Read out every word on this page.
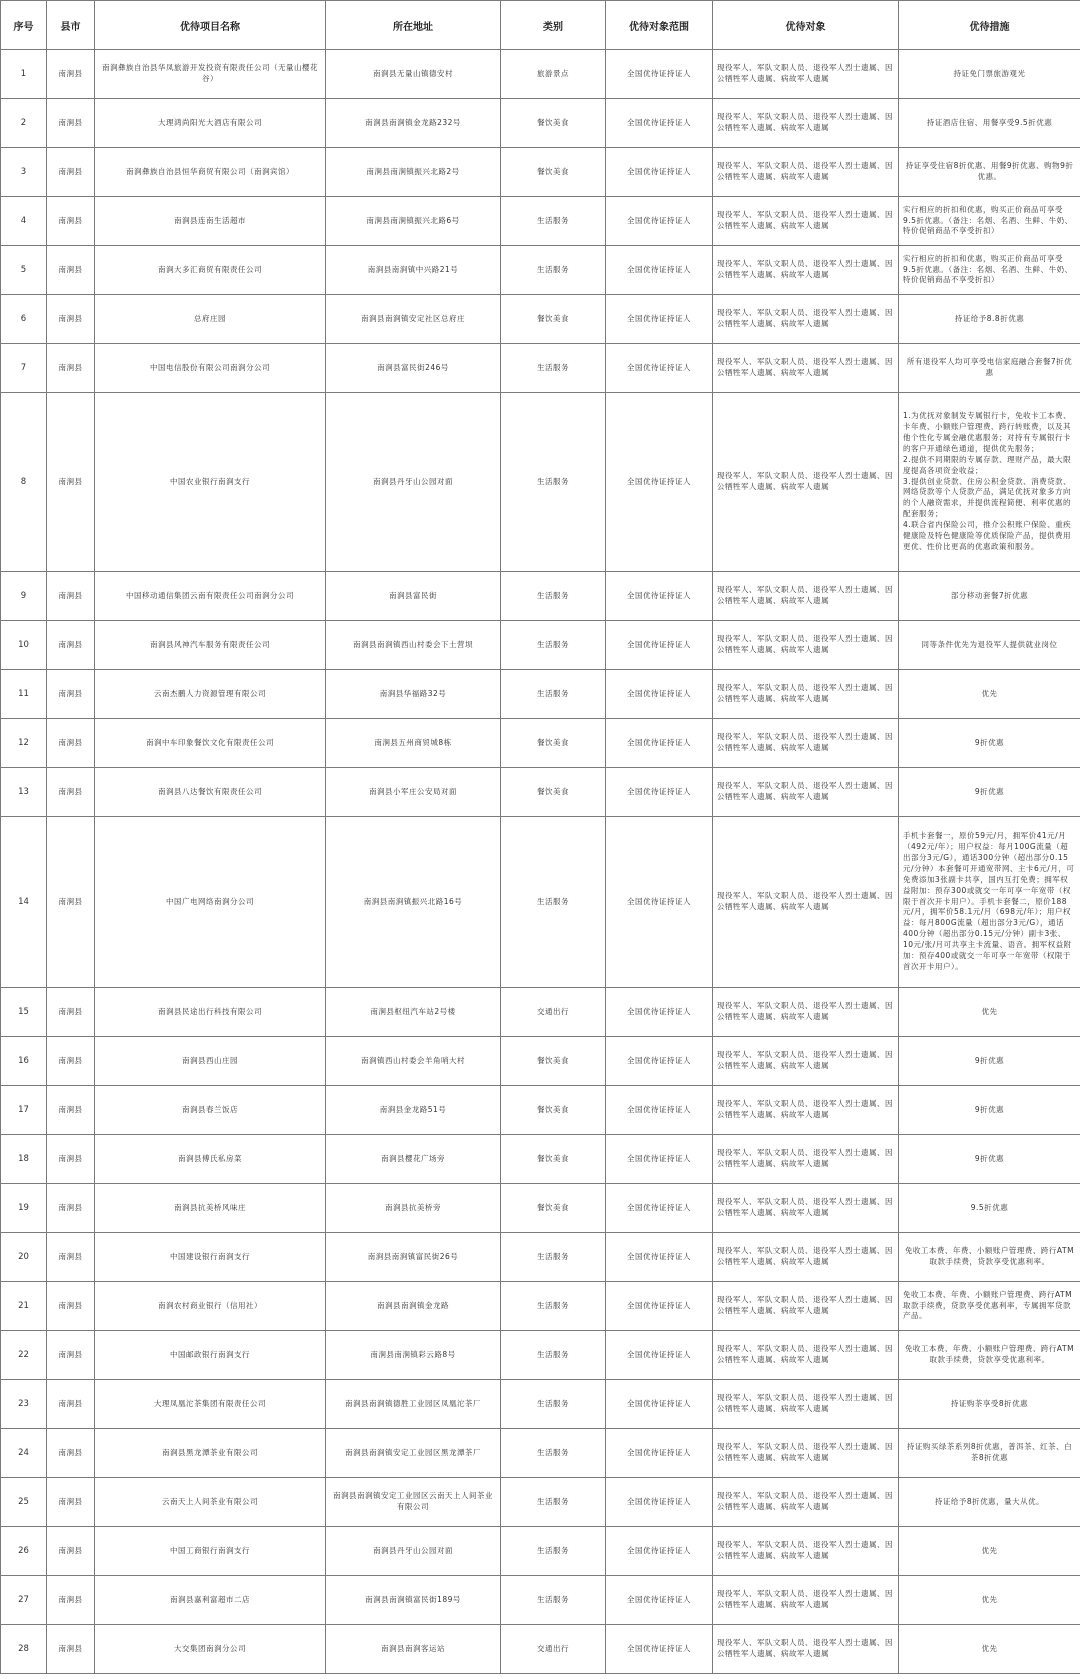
序号	县市	优待项目名称	所在地址	类别	优待对象范围	优待对象	优待措施
1	南涧县	南涧彝族自治县华凤旅游开发投资有限责任公司（无量山樱花谷）	南涧县无量山镇德安村	旅游景点	全国优待证持证人	现役军人、军队文职人员、退役军人烈士遗属、因公牺牲军人遗属、病故军人遗属	持证免门票旅游观光
2	南涧县	大理鸿尚阳光大酒店有限公司	南涧县南涧镇金龙路232号	餐饮美食	全国优待证持证人	现役军人、军队文职人员、退役军人烈士遗属、因公牺牲军人遗属、病故军人遗属	持证酒店住宿、用餐享受9.5折优惠
3	南涧县	南涧彝族自治县恒华商贸有限公司（南涧宾馆）	南涧县南涧镇振兴北路2号	餐饮美食	全国优待证持证人	现役军人、军队文职人员、退役军人烈士遗属、因公牺牲军人遗属、病故军人遗属	持证享受住宿8折优惠、用餐9折优惠、购物9折优惠。
4	南涧县	南涧县连南生活超市	南涧县南涧镇振兴北路6号	生活服务	全国优待证持证人	现役军人、军队文职人员、退役军人烈士遗属、因公牺牲军人遗属、病故军人遗属	实行相应的折扣和优惠，购买正价商品可享受9.5折优惠。（备注：名烟、名酒、生鲜、牛奶、特价促销商品不享受折扣）
5	南涧县	南涧大多汇商贸有限责任公司	南涧县南涧镇中兴路21号	生活服务	全国优待证持证人	现役军人、军队文职人员、退役军人烈士遗属、因公牺牲军人遗属、病故军人遗属	实行相应的折扣和优惠，购买正价商品可享受9.5折优惠。（备注：名烟、名酒、生鲜、牛奶、特价促销商品不享受折扣）
6	南涧县	总府庄园	南涧县南涧镇安定社区总府庄	餐饮美食	全国优待证持证人	现役军人、军队文职人员、退役军人烈士遗属、因公牺牲军人遗属、病故军人遗属	持证给予8.8折优惠
7	南涧县	中国电信股份有限公司南涧分公司	南涧县富民街246号	生活服务	全国优待证持证人	现役军人、军队文职人员、退役军人烈士遗属、因公牺牲军人遗属、病故军人遗属	所有退役军人均可享受电信家庭融合套餐7折优惠
8	南涧县	中国农业银行南涧支行	南涧县丹牙山公园对面	生活服务	全国优待证持证人	现役军人、军队文职人员、退役军人烈士遗属、因公牺牲军人遗属、病故军人遗属	1.为优抚对象制发专属银行卡，免收卡工本费、卡年费、小额账户管理费、跨行转账费，以及其他个性化专属金融优惠服务；对持有专属银行卡的客户开通绿色通道，提供优先服务；
2.提供不同期限的专属存款、理财产品，最大限度提高各项资金收益；
3.提供创业贷款、住房公积金贷款、消费贷款、网络贷款等个人贷款产品，满足优抚对象多方向的个人融资需求，并提供流程简便、利率优惠的配套服务；
4.联合省内保险公司，推介公积账户保险、重疾健康险及特色健康险等优质保险产品，提供费用更优、性价比更高的优惠政策和服务。
9	南涧县	中国移动通信集团云南有限责任公司南涧分公司	南涧县富民街	生活服务	全国优待证持证人	现役军人、军队文职人员、退役军人烈士遗属、因公牺牲军人遗属、病故军人遗属	部分移动套餐7折优惠
10	南涧县	南涧县风神汽车服务有限责任公司	南涧县南涧镇西山村委会下土营坝	生活服务	全国优待证持证人	现役军人、军队文职人员、退役军人烈士遗属、因公牺牲军人遗属、病故军人遗属	同等条件优先为退役军人提供就业岗位
11	南涧县	云南杰鹏人力资源管理有限公司	南涧县华福路32号	生活服务	全国优待证持证人	现役军人、军队文职人员、退役军人烈士遗属、因公牺牲军人遗属、病故军人遗属	优先
12	南涧县	南涧中车印象餐饮文化有限责任公司	南涧县五州商贸城8栋	餐饮美食	全国优待证持证人	现役军人、军队文职人员、退役军人烈士遗属、因公牺牲军人遗属、病故军人遗属	9折优惠
13	南涧县	南涧县八达餐饮有限责任公司	南涧县小军庄公安局对面	餐饮美食	全国优待证持证人	现役军人、军队文职人员、退役军人烈士遗属、因公牺牲军人遗属、病故军人遗属	9折优惠
14	南涧县	中国广电网络南涧分公司	南涧县南涧镇振兴北路16号	生活服务	全国优待证持证人	现役军人、军队文职人员、退役军人烈士遗属、因公牺牲军人遗属、病故军人遗属	手机卡套餐一，原价59元/月，拥军价41元/月（492元/年）；用户权益：每月100G流量（超出部分3元/G），通话300分钟（超出部分0.15元/分钟）本套餐可开通宽带网、主卡6元/月，可免费添加3张副卡共享，国内互打免费；拥军权益附加：预存300或就交一年可享一年宽带（权限于首次开卡用户）。手机卡套餐二，原价188元/月，拥军价58.1元/月（698元/年）；用户权益：每月800G流量（超出部分3元/G），通话400分钟（超出部分0.15元/分钟）副卡3张、10元/张/月可共享主卡流量、语音。拥军权益附加：预存400或就交一年可享一年宽带（权限于首次开卡用户）。
15	南涧县	南涧县民途出行科技有限公司	南涧县枢纽汽车站2号楼	交通出行	全国优待证持证人	现役军人、军队文职人员、退役军人烈士遗属、因公牺牲军人遗属、病故军人遗属	优先
16	南涧县	南涧县西山庄园	南涧镇西山村委会羊角哨大村	餐饮美食	全国优待证持证人	现役军人、军队文职人员、退役军人烈士遗属、因公牺牲军人遗属、病故军人遗属	9折优惠
17	南涧县	南涧县春兰饭店	南涧县金龙路51号	餐饮美食	全国优待证持证人	现役军人、军队文职人员、退役军人烈士遗属、因公牺牲军人遗属、病故军人遗属	9折优惠
18	南涧县	南涧县傅氏私房菜	南涧县樱花广场旁	餐饮美食	全国优待证持证人	现役军人、军队文职人员、退役军人烈士遗属、因公牺牲军人遗属、病故军人遗属	9折优惠
19	南涧县	南涧县抗美桥风味庄	南涧县抗美桥旁	餐饮美食	全国优待证持证人	现役军人、军队文职人员、退役军人烈士遗属、因公牺牲军人遗属、病故军人遗属	9.5折优惠
20	南涧县	中国建设银行南涧支行	南涧县南涧镇富民街26号	生活服务	全国优待证持证人	现役军人、军队文职人员、退役军人烈士遗属、因公牺牲军人遗属、病故军人遗属	免收工本费、年费、小额账户管理费、跨行ATM取款手续费，贷款享受优惠利率。
21	南涧县	南涧农村商业银行（信用社）	南涧县南涧镇金龙路	生活服务	全国优待证持证人	现役军人、军队文职人员、退役军人烈士遗属、因公牺牲军人遗属、病故军人遗属	免收工本费、年费、小额账户管理费、跨行ATM取款手续费，贷款享受优惠利率，专属拥军贷款产品。
22	南涧县	中国邮政银行南涧支行	南涧县南涧镇彩云路8号	生活服务	全国优待证持证人	现役军人、军队文职人员、退役军人烈士遗属、因公牺牲军人遗属、病故军人遗属	免收工本费、年费、小额账户管理费、跨行ATM取款手续费，贷款享受优惠利率。
23	南涧县	大理凤凰沱茶集团有限责任公司	南涧县南涧镇德胜工业园区凤凰沱茶厂	生活服务	全国优待证持证人	现役军人、军队文职人员、退役军人烈士遗属、因公牺牲军人遗属、病故军人遗属	持证购茶享受8折优惠
24	南涧县	南涧县黑龙潭茶业有限公司	南涧县南涧镇安定工业园区黑龙潭茶厂	生活服务	全国优待证持证人	现役军人、军队文职人员、退役军人烈士遗属、因公牺牲军人遗属、病故军人遗属	持证购买绿茶系列8折优惠，普洱茶、红茶、白茶8折优惠
25	南涧县	云南天上人间茶业有限公司	南涧县南涧镇安定工业园区云南天上人间茶业有限公司	生活服务	全国优待证持证人	现役军人、军队文职人员、退役军人烈士遗属、因公牺牲军人遗属、病故军人遗属	持证给予8折优惠，量大从优。
26	南涧县	中国工商银行南涧支行	南涧县丹牙山公园对面	生活服务	全国优待证持证人	现役军人、军队文职人员、退役军人烈士遗属、因公牺牲军人遗属、病故军人遗属	优先
27	南涧县	南涧县嘉利富超市二店	南涧县南涧镇富民街189号	生活服务	全国优待证持证人	现役军人、军队文职人员、退役军人烈士遗属、因公牺牲军人遗属、病故军人遗属	优先
28	南涧县	大交集团南涧分公司	南涧县南涧客运站	交通出行	全国优待证持证人	现役军人、军队文职人员、退役军人烈士遗属、因公牺牲军人遗属、病故军人遗属	优先
